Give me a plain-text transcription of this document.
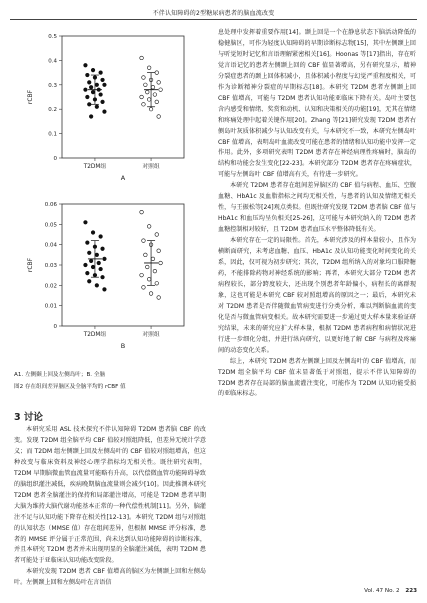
不伴认知障碍的2型糖尿病患者的脑血流改变
0.5
0.4
0.3
0.2
0.1
0
rCBF
T2DM组	对照组
A
0.06
0.05
0.04
0.03
0.02
0.01
0
rCBF
T2DM组	对照组
B
A1. 左侧颞上回及左侧岛叶；B. 全脑
图2 存在组间差异脑区及全脑平均的 rCBF 值
3 讨论

本研究采用 ASL 技术探究不伴认知障碍 T2DM 患者脑 CBF 的改变。发现 T2DM 组全脑平均 CBF 值较对照组降低，但差异无统计学意义；而 T2DM 组左侧颞上回及左侧岛叶的 CBF 值较对照组增高，但这种改变与临床资料及神经心理学指标均无相关性。既往研究表明，T2DM 早期脑微血管血流量可能略有升高，以代偿微血管功能障碍导致的脑组织灌注减低，疾病晚期脑血流量则会减少[10]。因此推测本研究 T2DM 患者全脑灌注的保持和局部灌注增高，可能是 T2DM 患者早期大脑为维持大脑代谢功能基本正常的一种代偿性机制[11]。另外，脑灌注不足与认知功能下降存在相关性[12-13]。本研究 T2DM 组与对照组的认知状态（MMSE 值）存在组间差异，但根据 MMSE 评分标准，患者的 MMSE 评分属于正常范围，尚未达到认知功能障碍的诊断标准，并且本研究 T2DM 患者并未出现明显的全脑灌注减低，表明 T2DM 患者可能处于亚临床认知功能改变阶段。

本研究发现 T2DM 患者 CBF 值增高的脑区为左侧颞上回和左侧岛叶。左侧颞上回和左侧岛叶在言语信

息处理中发挥着重要作用[14]。颞上回是一个在静息状态下脑活动降低的稳健脑区，可作为轻度认知障碍的早期诊断标志物[15]，其中左侧颞上回与听觉短时记忆和言语理解紧密相关[16]。Hoonas 等[17]指出，存在听觉言语记忆的患者左侧颞上回的 CBF 值显著增高，另有研究显示，精神分裂症患者的颞上回体积减小，且体积减小程度与幻觉严重程度相关，可作为诊断精神分裂症的早期标志[18]。本研究 T2DM 患者左侧颞上回 CBF 值增高，可能与 T2DM 患者认知功能亚临床下降有关。岛叶主要包含内感受和情绪、奖赏和动机、认知和决策相关的功能[19]，无其在情绪和疼痛处理中起着关键作用[20]。Zhang 等[21]研究发现 T2DM 患者右侧岛叶灰质体积减少与认知改变有关，与本研究不一致，本研究左侧岛叶 CBF 值增高，表明岛叶血流改变可能在患者的情绪和认知功能中发挥一定作用。此外，多项研究表明 T2DM 患者存在神经病理性疼痛时，脑岛的结构和功能会发生变化[22-23]。本研究部分 T2DM 患者存在疼痛症状，可能与左侧岛叶 CBF 值增高有关，有待进一步研究。

本研究 T2DM 患者存在组间差异脑区的 CBF 值与病程、血压、空腹血糖、HbA1c 及血脂指标之间均无相关性，与患者的认知及情绪无相关性，与王振松等[24]观点类似。但既往研究发现 T2DM 患者脑 CBF 值与 HbA1c 和血压均呈负相关[25-26]，这可能与本研究纳入的 T2DM 患者血糖控制相对较好，且 T2DM 患者血压水平整体降低有关。

本研究存在一定的局限性。首先，本研究涉及的样本量较小，且作为横断面研究，未考虑血糖、血压、HbA1c 及认知功能变化时间变化的关系，因此，仅可视为初步研究；其次，T2DM 组所纳入的对象均口服降糖药，不能排除药物对神经系统的影响；再者，本研究大部分 T2DM 患者病程较长，部分跨度较大，还出现个别患者年龄偏小，病程长的离群现象，这也可能是本研究 CBF 较对照组增高的原因之一；最后，本研究未对 T2DM 患者是否伴随微血管病变进行分类分析，难以判断脑血流的变化是否与微血管病变相关。故本研究需要进一步通过更大样本量来验证研究结果，未来的研究应扩大样本量，根据 T2DM 患者病程和病情状况进行进一步细化分组，并进行纵向研究，以更好地了解 CBF 与病程及疼痛间的动态变化关系。

综上，本研究 T2DM 患者左侧颞上回及左侧岛叶的 CBF 值增高，而 T2DM 组全脑平均 CBF 值未显著低于对照组，提示不伴认知障碍的 T2DM 患者存在局部的脑血流灌注变化，可能作为 T2DM 认知功能受损的亚临床标志。

Vol. 47 No. 2 223
